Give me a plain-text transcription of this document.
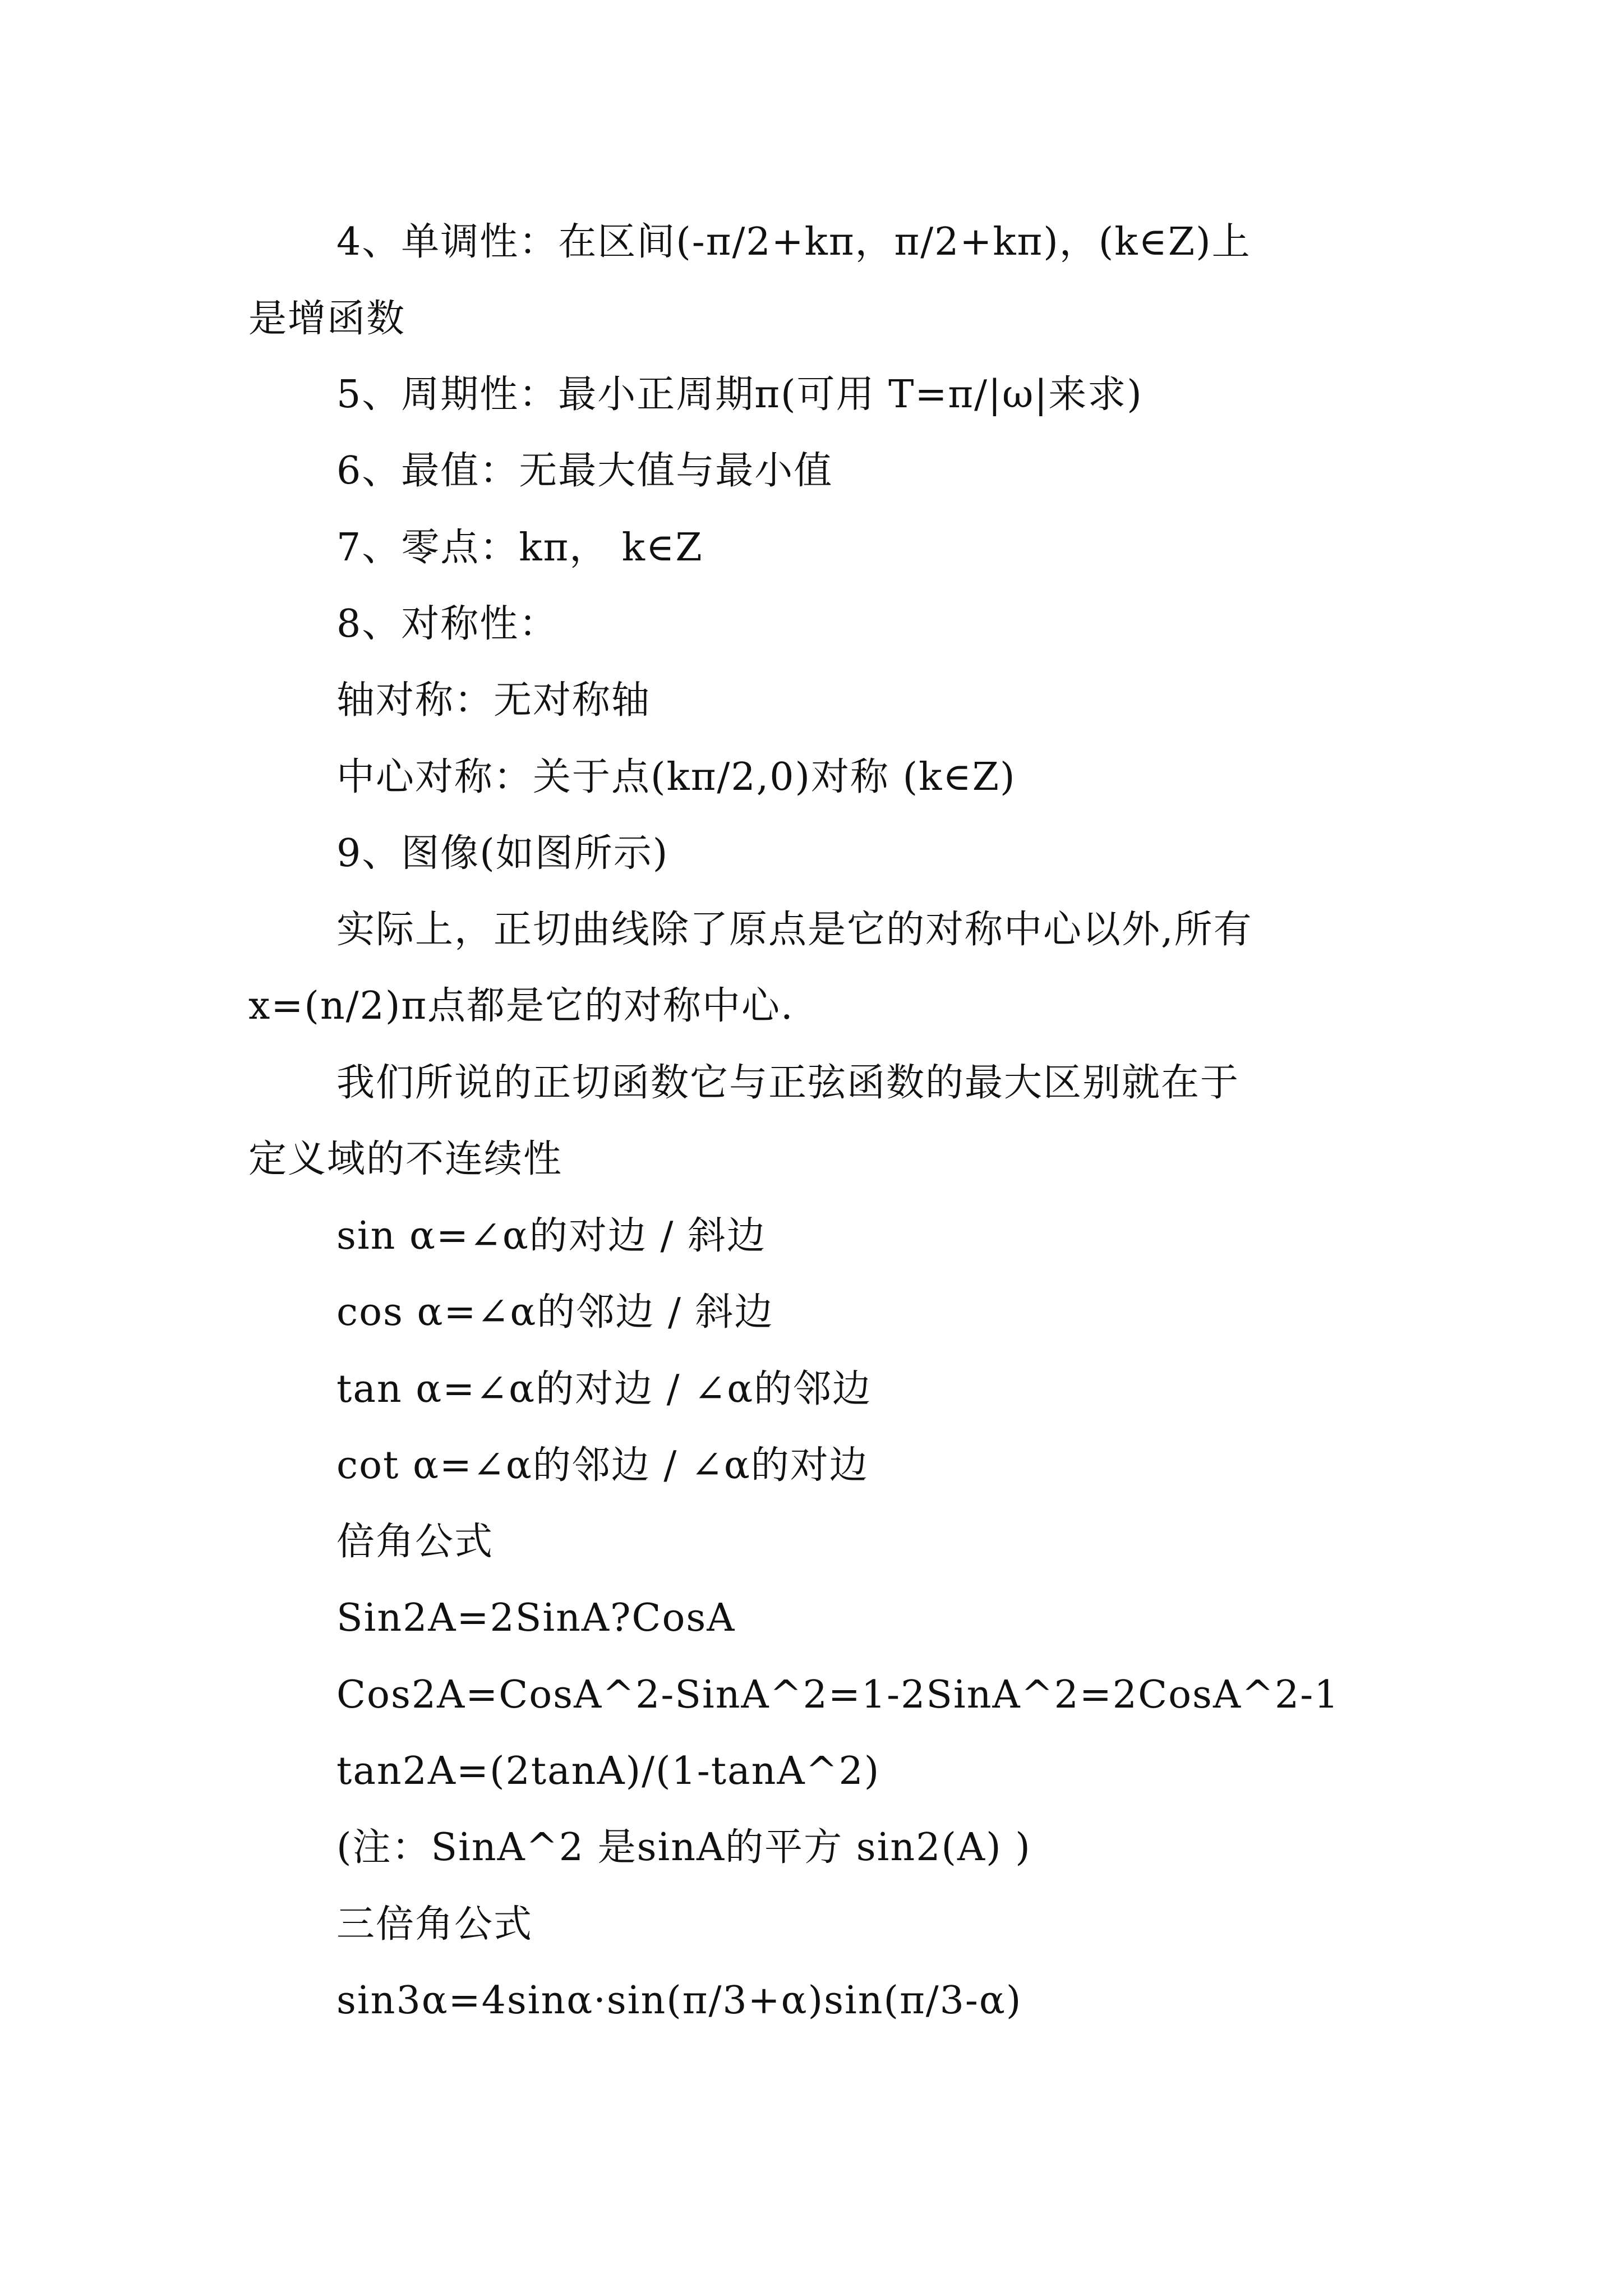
4、单调性：在区间(-π/2+kπ，π/2+kπ)，(k∈Z)上
是增函数
5、周期性：最小正周期π(可用 T=π/|ω|来求)
6、最值：无最大值与最小值
7、零点：kπ， k∈Z
8、对称性：
轴对称：无对称轴
中心对称：关于点(kπ/2,0)对称 (k∈Z)
9、图像(如图所示)
实际上，正切曲线除了原点是它的对称中心以外,所有
x=(n/2)π点都是它的对称中心.
我们所说的正切函数它与正弦函数的最大区别就在于
定义域的不连续性
sin α=∠α的对边 / 斜边
cos α=∠α的邻边 / 斜边
tan α=∠α的对边 / ∠α的邻边
cot α=∠α的邻边 / ∠α的对边
倍角公式
Sin2A=2SinA?CosA
Cos2A=CosA^2-SinA^2=1-2SinA^2=2CosA^2-1
tan2A=(2tanA)/(1-tanA^2)
(注：SinA^2 是sinA的平方 sin2(A) )
三倍角公式
sin3α=4sinα·sin(π/3+α)sin(π/3-α)
